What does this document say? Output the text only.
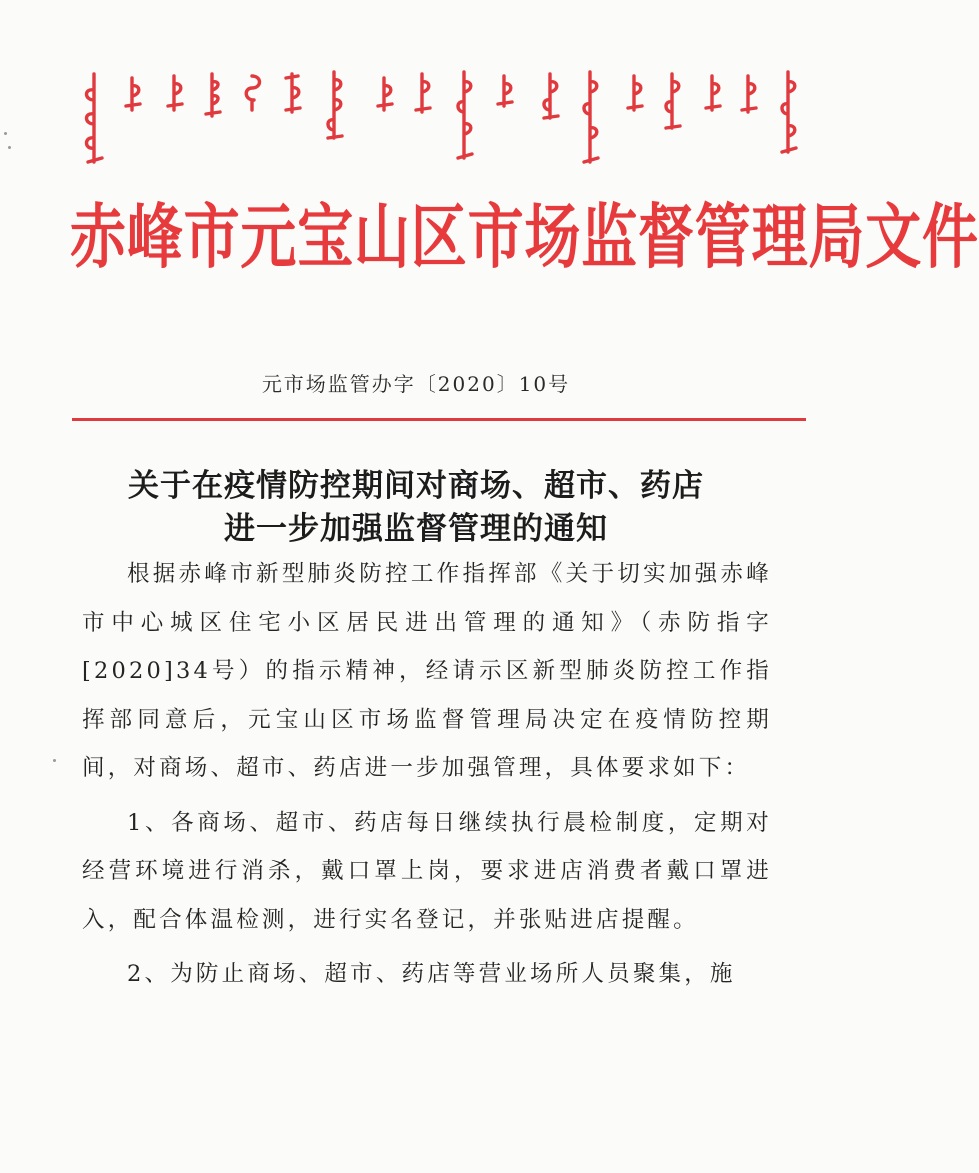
赤峰市元宝山区市场监督管理局文件
元市场监管办字〔2020〕10号
关于在疫情防控期间对商场、超市、药店
进一步加强监督管理的通知

根据赤峰市新型肺炎防控工作指挥部《关于切实加强赤峰市中心城区住宅小区居民进出管理的通知》（赤防指字[2020]34号）的指示精神，经请示区新型肺炎防控工作指挥部同意后，元宝山区市场监督管理局决定在疫情防控期间，对商场、超市、药店进一步加强管理，具体要求如下：

1、各商场、超市、药店每日继续执行晨检制度，定期对经营环境进行消杀，戴口罩上岗，要求进店消费者戴口罩进入，配合体温检测，进行实名登记，并张贴进店提醒。

2、为防止商场、超市、药店等营业场所人员聚集，施
